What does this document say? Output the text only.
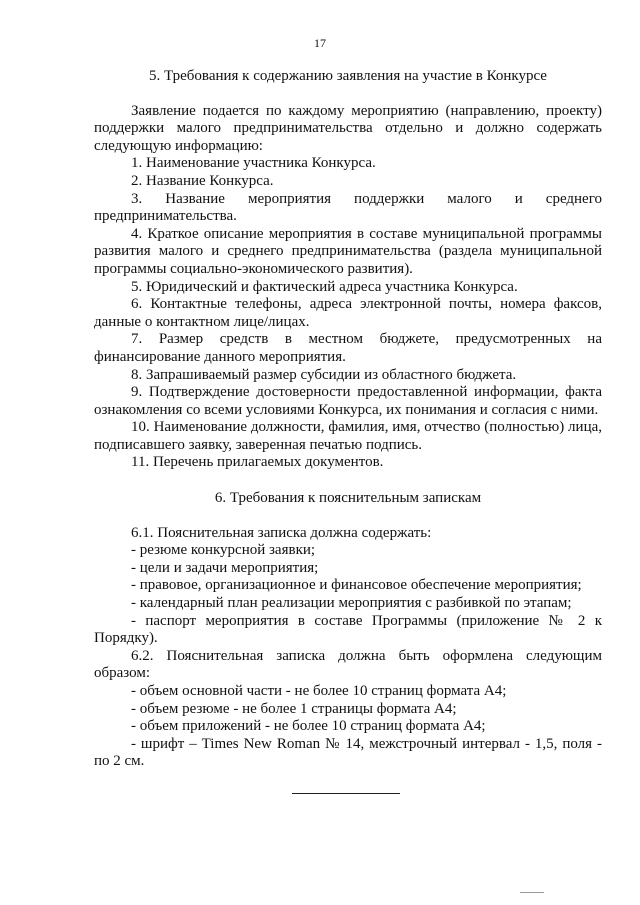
17
5. Требования к содержанию заявления на участие в Конкурсе

Заявление подается по каждому мероприятию (направлению, проекту) поддержки малого предпринимательства отдельно и должно содержать следующую информацию:

1. Наименование участника Конкурса.

2. Название Конкурса.

3. Название мероприятия поддержки малого и среднего предпринимательства.

4. Краткое описание мероприятия в составе муниципальной программы развития малого и среднего предпринимательства (раздела муниципальной программы социально-экономического развития).

5. Юридический и фактический адреса участника Конкурса.

6. Контактные телефоны, адреса электронной почты, номера факсов, данные о контактном лице/лицах.

7. Размер средств в местном бюджете, предусмотренных на финансирование данного мероприятия.

8. Запрашиваемый размер субсидии из областного бюджета.

9. Подтверждение достоверности предоставленной информации, факта ознакомления со всеми условиями Конкурса, их понимания и согласия с ними.

10. Наименование должности, фамилия, имя, отчество (полностью) лица, подписавшего заявку, заверенная печатью подпись.

11. Перечень прилагаемых документов.

6. Требования к пояснительным запискам

6.1. Пояснительная записка должна содержать:

- резюме конкурсной заявки;

- цели и задачи мероприятия;

- правовое, организационное и финансовое обеспечение мероприятия;

- календарный план реализации мероприятия с разбивкой по этапам;

- паспорт мероприятия в составе Программы (приложение № 2 к Порядку).

6.2. Пояснительная записка должна быть оформлена следующим образом:

- объем основной части - не более 10 страниц формата А4;

- объем резюме - не более 1 страницы формата А4;

- объем приложений - не более 10 страниц формата А4;

- шрифт – Times New Roman № 14, межстрочный интервал - 1,5, поля - по 2 см.
